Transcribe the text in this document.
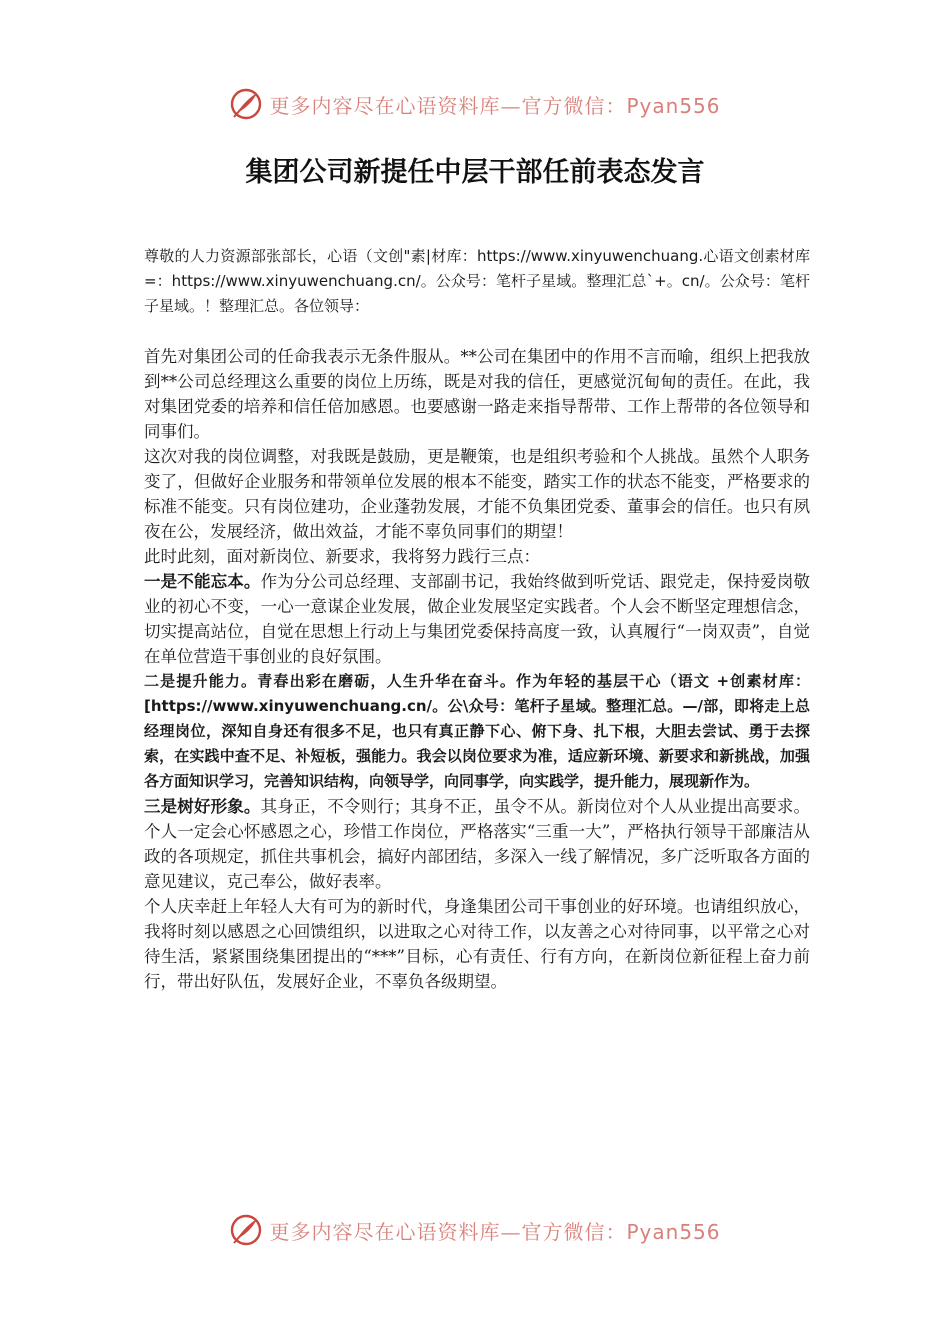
更多内容尽在心语资料库—官方微信：Pyan556
集团公司新提任中层干部任前表态发言

尊敬的人力资源部张部长，心语（文创"素|材库：https://www.xinyuwenchuang.心语文创素材库=：https://www.xinyuwenchuang.cn/。公众号：笔杆子星域。整理汇总`+。cn/。公众号：笔杆子星域。！整理汇总。各位领导：

首先对集团公司的任命我表示无条件服从。**公司在集团中的作用不言而喻，组织上把我放到**公司总经理这么重要的岗位上历练，既是对我的信任，更感觉沉甸甸的责任。在此，我对集团党委的培养和信任倍加感恩。也要感谢一路走来指导帮带、工作上帮带的各位领导和同事们。

这次对我的岗位调整，对我既是鼓励，更是鞭策，也是组织考验和个人挑战。虽然个人职务变了，但做好企业服务和带领单位发展的根本不能变，踏实工作的状态不能变，严格要求的标准不能变。只有岗位建功，企业蓬勃发展，才能不负集团党委、董事会的信任。也只有夙夜在公，发展经济，做出效益，才能不辜负同事们的期望！

此时此刻，面对新岗位、新要求，我将努力践行三点：

一是不能忘本。作为分公司总经理、支部副书记，我始终做到听党话、跟党走，保持爱岗敬业的初心不变，一心一意谋企业发展，做企业发展坚定实践者。个人会不断坚定理想信念，切实提高站位，自觉在思想上行动上与集团党委保持高度一致，认真履行“一岗双责”，自觉在单位营造干事创业的良好氛围。

二是提升能力。青春出彩在磨砺，人生升华在奋斗。作为年轻的基层干心（语文 +创素材库：[https://www.xinyuwenchuang.cn/。公\众号：笔杆子星域。整理汇总。—/部，即将走上总经理岗位，深知自身还有很多不足，也只有真正静下心、俯下身、扎下根，大胆去尝试、勇于去探索，在实践中查不足、补短板，强能力。我会以岗位要求为准，适应新环境、新要求和新挑战，加强各方面知识学习，完善知识结构，向领导学，向同事学，向实践学，提升能力，展现新作为。

三是树好形象。其身正，不令则行；其身不正，虽令不从。新岗位对个人从业提出高要求。个人一定会心怀感恩之心，珍惜工作岗位，严格落实“三重一大”，严格执行领导干部廉洁从政的各项规定，抓住共事机会，搞好内部团结，多深入一线了解情况，多广泛听取各方面的意见建议，克己奉公，做好表率。

个人庆幸赶上年轻人大有可为的新时代，身逢集团公司干事创业的好环境。也请组织放心，我将时刻以感恩之心回馈组织，以进取之心对待工作，以友善之心对待同事，以平常之心对待生活，紧紧围绕集团提出的“***”目标，心有责任、行有方向，在新岗位新征程上奋力前行，带出好队伍，发展好企业，不辜负各级期望。

更多内容尽在心语资料库—官方微信：Pyan556
